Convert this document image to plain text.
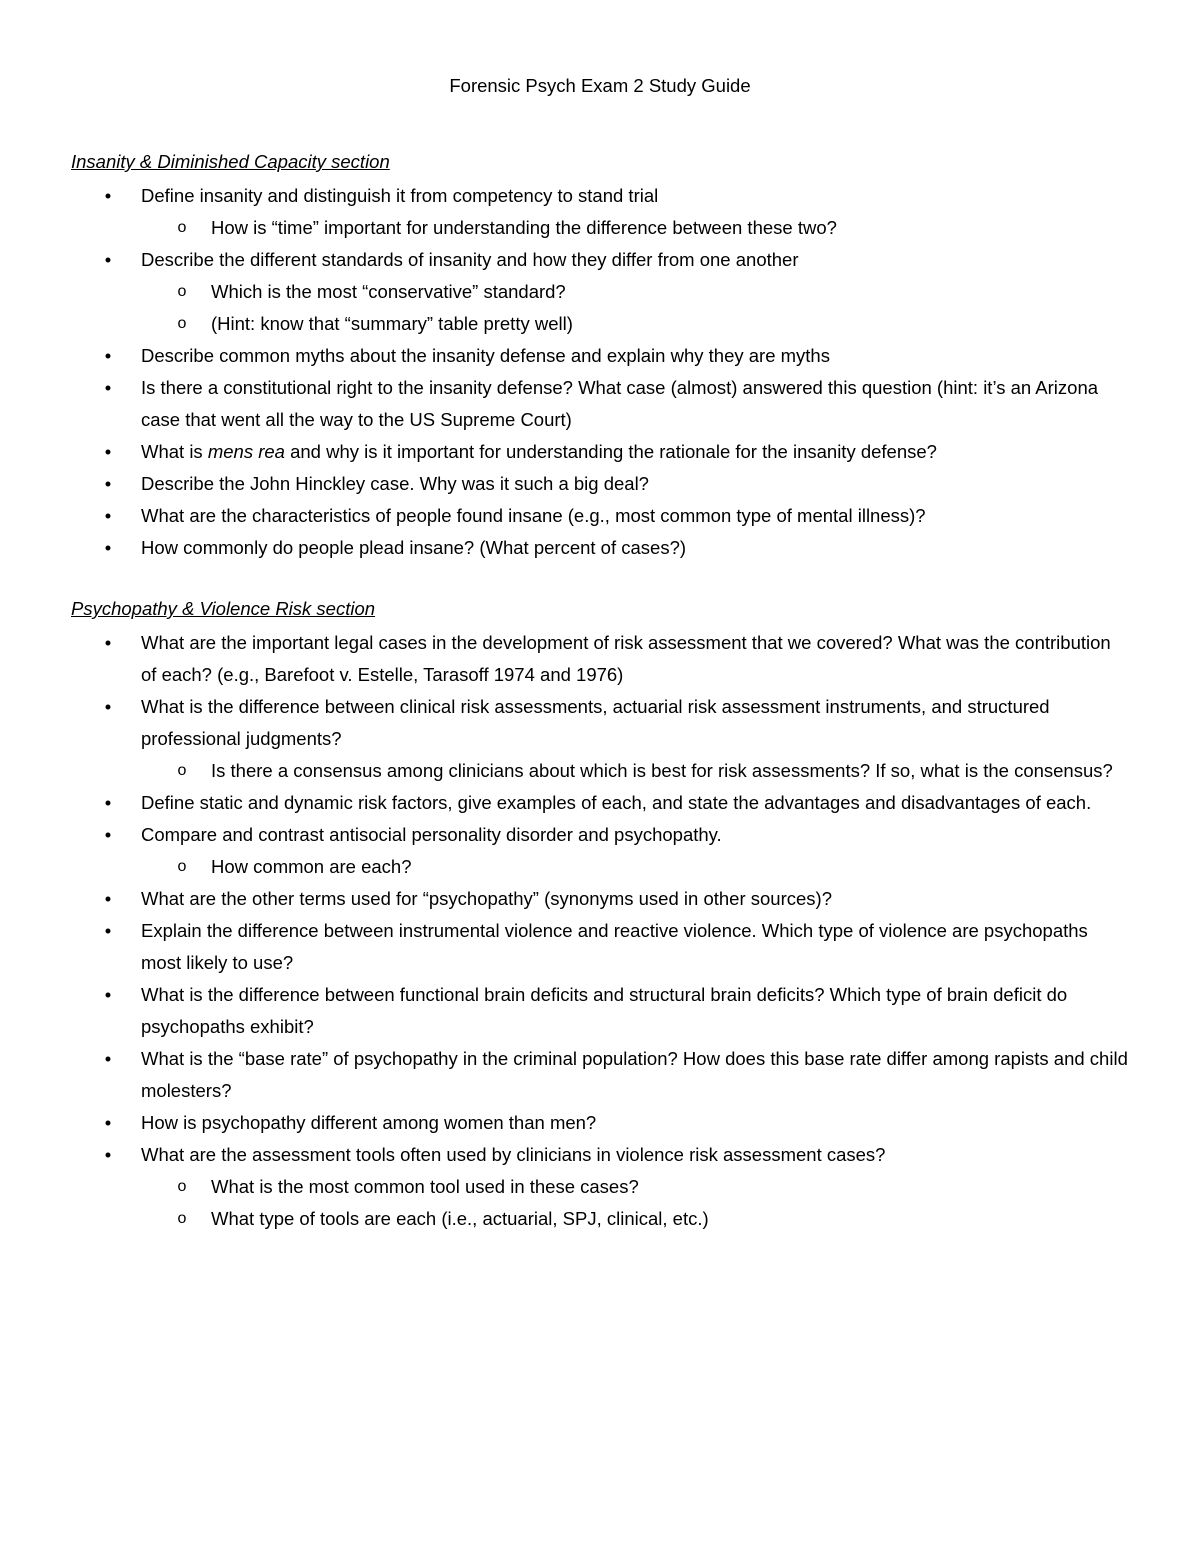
Forensic Psych Exam 2 Study Guide
Insanity & Diminished Capacity section
• Define insanity and distinguish it from competency to stand trial
o How is “time” important for understanding the difference between these two?
• Describe the different standards of insanity and how they differ from one another
o Which is the most “conservative” standard?
o (Hint: know that “summary” table pretty well)
• Describe common myths about the insanity defense and explain why they are myths
• Is there a constitutional right to the insanity defense? What case (almost) answered this question (hint: it’s an Arizona case that went all the way to the US Supreme Court)
• What is mens rea and why is it important for understanding the rationale for the insanity defense?
• Describe the John Hinckley case. Why was it such a big deal?
• What are the characteristics of people found insane (e.g., most common type of mental illness)?
• How commonly do people plead insane? (What percent of cases?)
Psychopathy & Violence Risk section
• What are the important legal cases in the development of risk assessment that we covered? What was the contribution of each? (e.g., Barefoot v. Estelle, Tarasoff 1974 and 1976)
• What is the difference between clinical risk assessments, actuarial risk assessment instruments, and structured professional judgments?
o Is there a consensus among clinicians about which is best for risk assessments? If so, what is the consensus?
• Define static and dynamic risk factors, give examples of each, and state the advantages and disadvantages of each.
• Compare and contrast antisocial personality disorder and psychopathy.
o How common are each?
• What are the other terms used for “psychopathy” (synonyms used in other sources)?
• Explain the difference between instrumental violence and reactive violence. Which type of violence are psychopaths most likely to use?
• What is the difference between functional brain deficits and structural brain deficits? Which type of brain deficit do psychopaths exhibit?
• What is the “base rate” of psychopathy in the criminal population? How does this base rate differ among rapists and child molesters?
• How is psychopathy different among women than men?
• What are the assessment tools often used by clinicians in violence risk assessment cases?
o What is the most common tool used in these cases?
o What type of tools are each (i.e., actuarial, SPJ, clinical, etc.)
